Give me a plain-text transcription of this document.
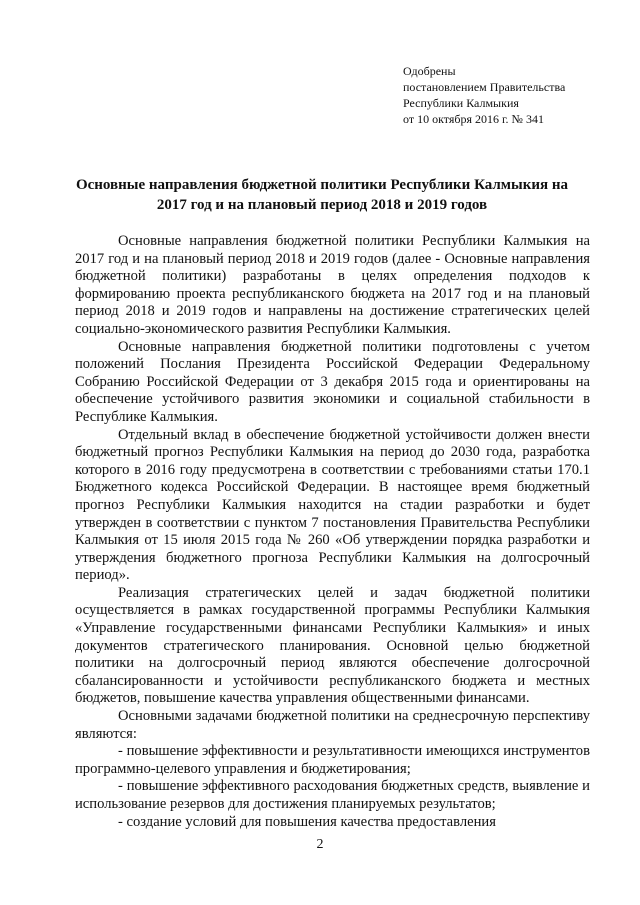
Одобрены
постановлением Правительства
Республики Калмыкия
от 10 октября 2016 г. № 341
Основные направления бюджетной политики Республики Калмыкия на
2017 год и на плановый период 2018 и 2019 годов

Основные направления бюджетной политики Республики Калмыкия на 2017 год и на плановый период 2018 и 2019 годов (далее - Основные направления бюджетной политики) разработаны в целях определения подходов к формированию проекта республиканского бюджета на 2017 год и на плановый период 2018 и 2019 годов и направлены на достижение стратегических целей социально-экономического развития Республики Калмыкия.

Основные направления бюджетной политики подготовлены с учетом положений Послания Президента Российской Федерации Федеральному Собранию Российской Федерации от 3 декабря 2015 года и ориентированы на обеспечение устойчивого развития экономики и социальной стабильности в Республике Калмыкия.

Отдельный вклад в обеспечение бюджетной устойчивости должен внести бюджетный прогноз Республики Калмыкия на период до 2030 года, разработка которого в 2016 году предусмотрена в соответствии с требованиями статьи 170.1 Бюджетного кодекса Российской Федерации. В настоящее время бюджетный прогноз Республики Калмыкия находится на стадии разработки и будет утвержден в соответствии с пунктом 7 постановления Правительства Республики Калмыкия от 15 июля 2015 года № 260 «Об утверждении порядка разработки и утверждения бюджетного прогноза Республики Калмыкия на долгосрочный период».

Реализация стратегических целей и задач бюджетной политики осуществляется в рамках государственной программы Республики Калмыкия «Управление государственными финансами Республики Калмыкия» и иных документов стратегического планирования. Основной целью бюджетной политики на долгосрочный период являются обеспечение долгосрочной сбалансированности и устойчивости республиканского бюджета и местных бюджетов, повышение качества управления общественными финансами.

Основными задачами бюджетной политики на среднесрочную перспективу являются:

- повышение эффективности и результативности имеющихся инструментов программно-целевого управления и бюджетирования;

- повышение эффективного расходования бюджетных средств, выявление и использование резервов для достижения планируемых результатов;

- создание условий для повышения качества предоставления

2
